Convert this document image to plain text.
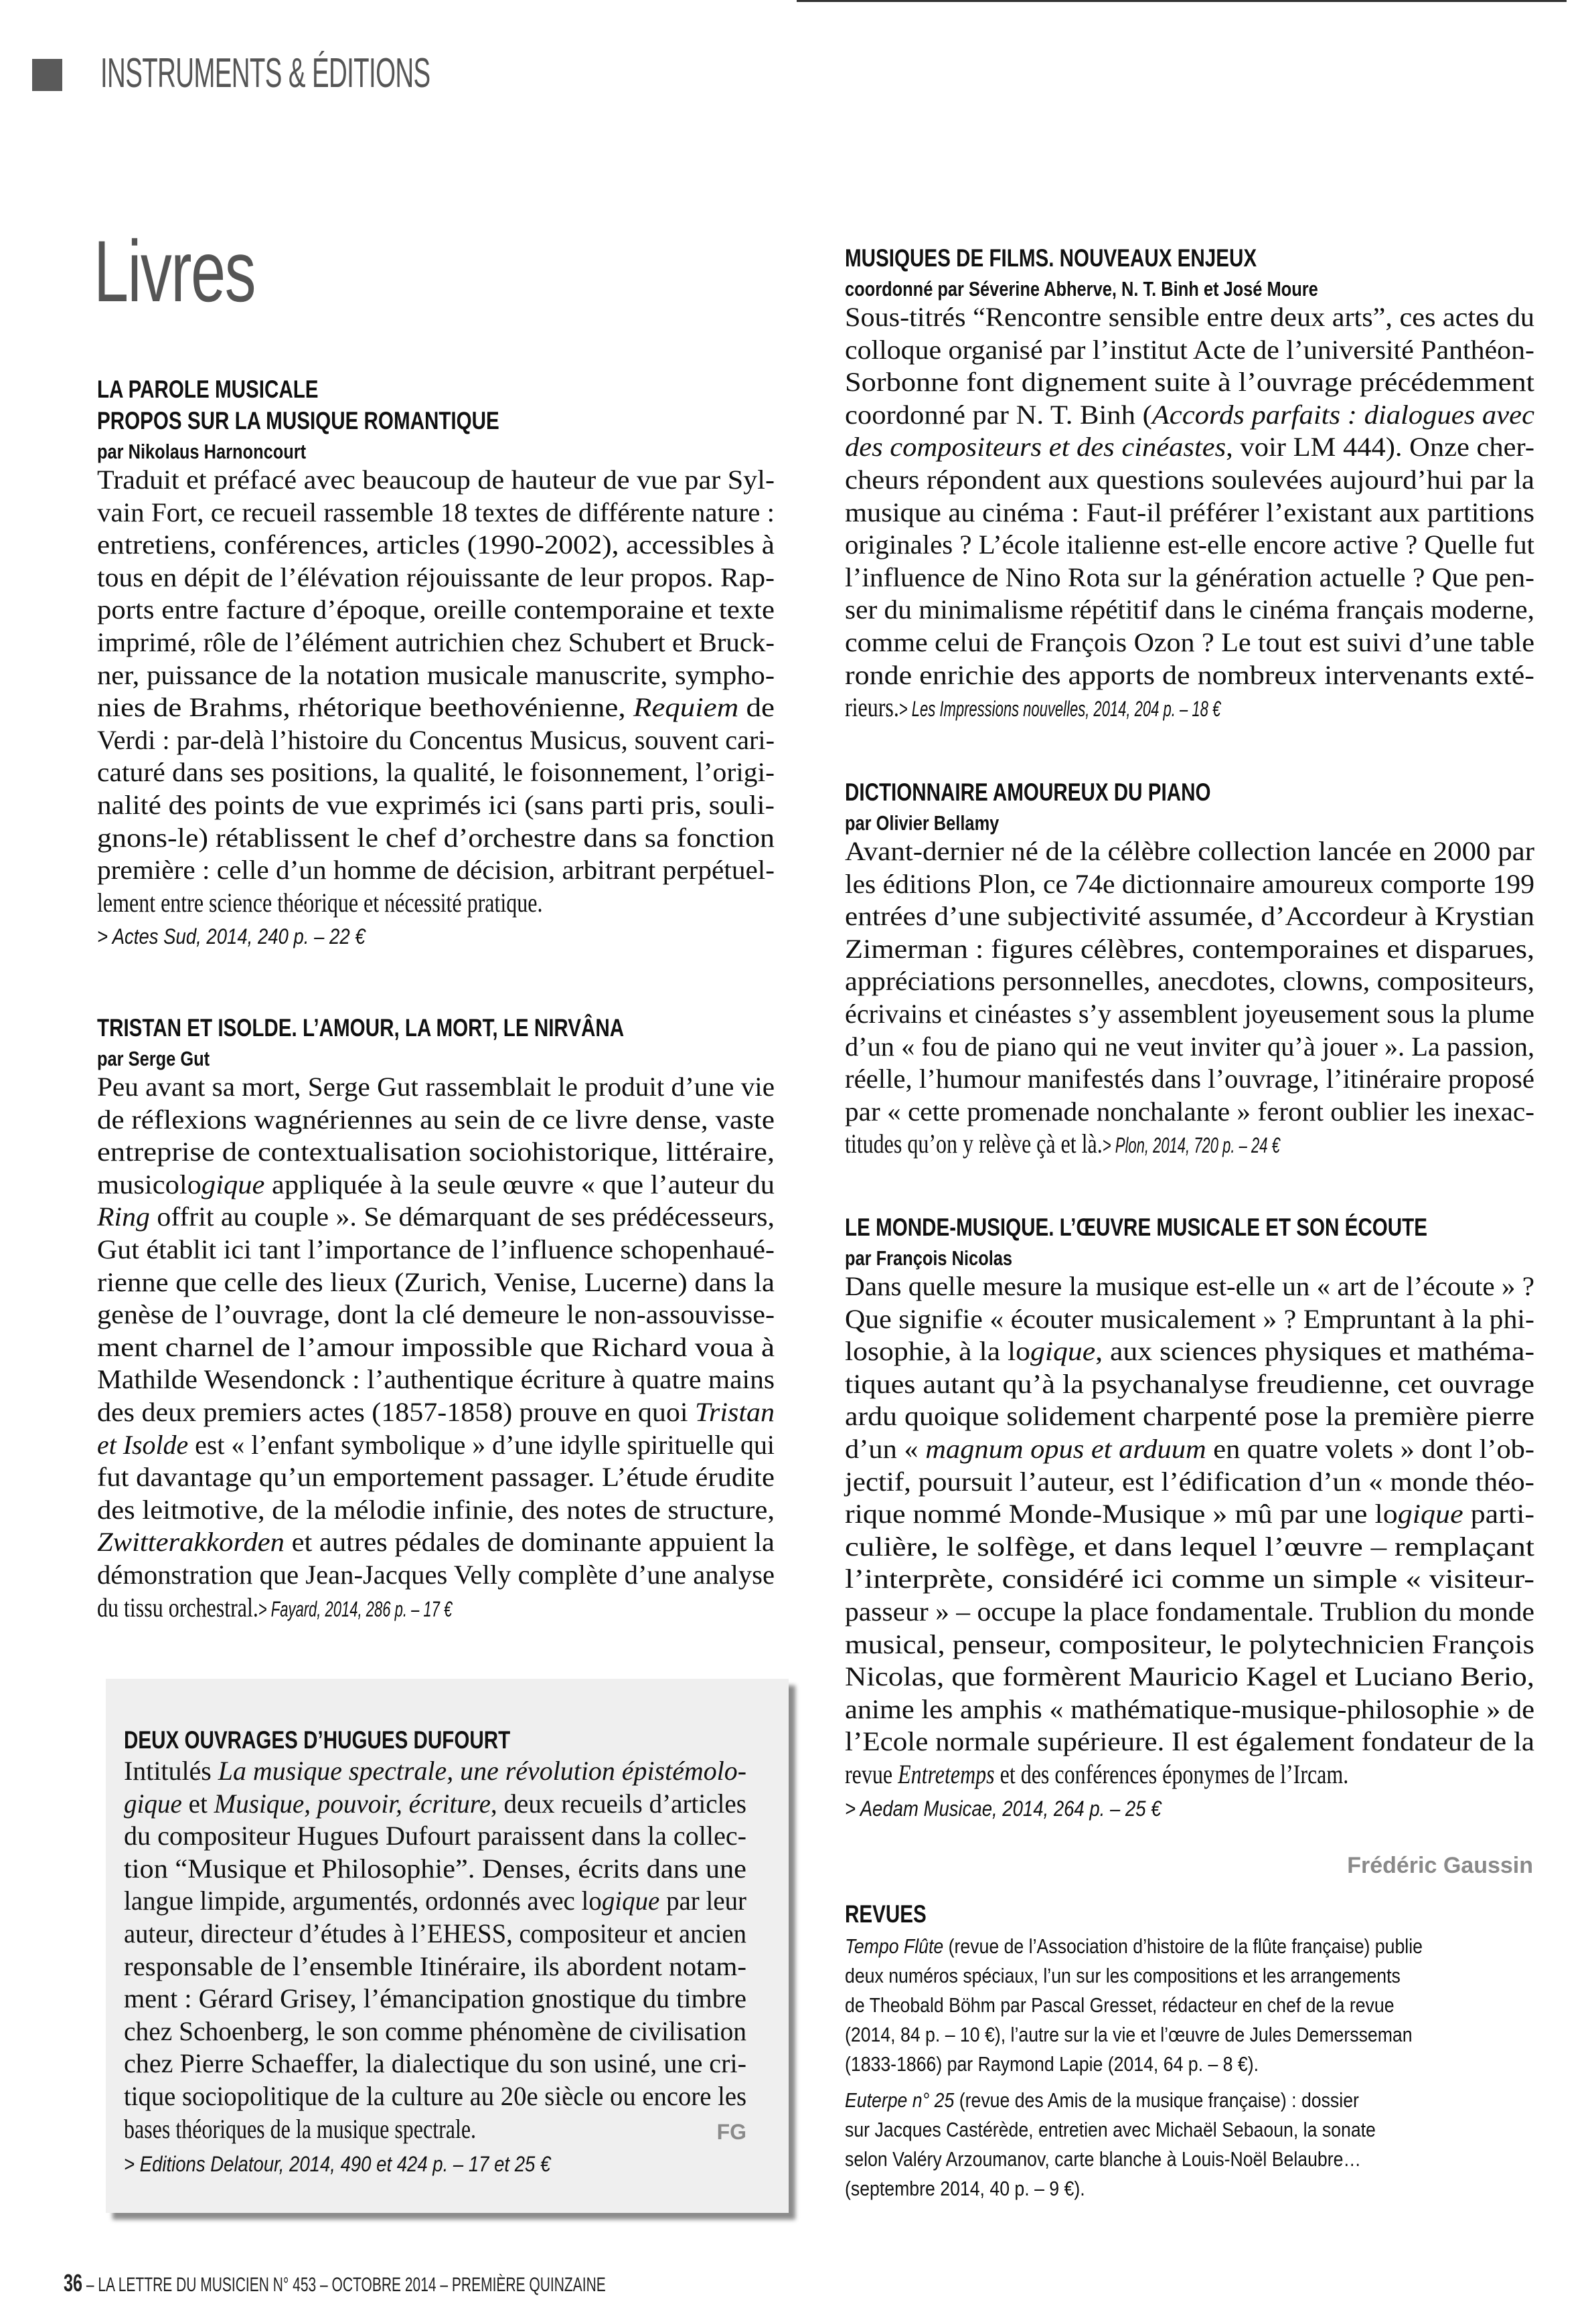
INSTRUMENTS & ÉDITIONS
Livres
LA PAROLE MUSICALE
PROPOS SUR LA MUSIQUE ROMANTIQUE
par Nikolaus Harnoncourt
Traduit et préfacé avec beaucoup de hauteur de vue par Syl-
vain Fort, ce recueil rassemble 18 textes de différente nature :
entretiens, conférences, articles (1990-2002), accessibles à
tous en dépit de l’élévation réjouissante de leur propos. Rap-
ports entre facture d’époque, oreille contemporaine et texte
imprimé, rôle de l’élément autrichien chez Schubert et Bruck-
ner, puissance de la notation musicale manuscrite, sympho-
nies de Brahms, rhétorique beethovénienne, Requiem de
Verdi : par-delà l’histoire du Concentus Musicus, souvent cari-
caturé dans ses positions, la qualité, le foisonnement, l’origi-
nalité des points de vue exprimés ici (sans parti pris, souli-
gnons-le) rétablissent le chef d’orchestre dans sa fonction
première : celle d’un homme de décision, arbitrant perpétuel-
lement entre science théorique et nécessité pratique.
> Actes Sud, 2014, 240 p. – 22 €
TRISTAN ET ISOLDE. L’AMOUR, LA MORT, LE NIRVÂNA
par Serge Gut
Peu avant sa mort, Serge Gut rassemblait le produit d’une vie
de réflexions wagnériennes au sein de ce livre dense, vaste
entreprise de contextualisation sociohistorique, littéraire,
musicologique appliquée à la seule œuvre « que l’auteur du
Ring offrit au couple ». Se démarquant de ses prédécesseurs,
Gut établit ici tant l’importance de l’influence schopenhaué-
rienne que celle des lieux (Zurich, Venise, Lucerne) dans la
genèse de l’ouvrage, dont la clé demeure le non-assouvisse-
ment charnel de l’amour impossible que Richard voua à
Mathilde Wesendonck : l’authentique écriture à quatre mains
des deux premiers actes (1857-1858) prouve en quoi Tristan
et Isolde est « l’enfant symbolique » d’une idylle spirituelle qui
fut davantage qu’un emportement passager. L’étude érudite
des leitmotive, de la mélodie infinie, des notes de structure,
Zwitterakkorden et autres pédales de dominante appuient la
démonstration que Jean-Jacques Velly complète d’une analyse
du tissu orchestral.> Fayard, 2014, 286 p. – 17 €
DEUX OUVRAGES D’HUGUES DUFOURT
Intitulés La musique spectrale, une révolution épistémolo-
gique et Musique, pouvoir, écriture, deux recueils d’articles
du compositeur Hugues Dufourt paraissent dans la collec-
tion “Musique et Philosophie”. Denses, écrits dans une
langue limpide, argumentés, ordonnés avec logique par leur
auteur, directeur d’études à l’EHESS, compositeur et ancien
responsable de l’ensemble Itinéraire, ils abordent notam-
ment : Gérard Grisey, l’émancipation gnostique du timbre
chez Schoenberg, le son comme phénomène de civilisation
chez Pierre Schaeffer, la dialectique du son usiné, une cri-
tique sociopolitique de la culture au 20e siècle ou encore les
bases théoriques de la musique spectrale.	FG
> Editions Delatour, 2014, 490 et 424 p. – 17 et 25 €
MUSIQUES DE FILMS. NOUVEAUX ENJEUX
coordonné par Séverine Abherve, N. T. Binh et José Moure
Sous-titrés “Rencontre sensible entre deux arts”, ces actes du
colloque organisé par l’institut Acte de l’université Panthéon-
Sorbonne font dignement suite à l’ouvrage précédemment
coordonné par N. T. Binh (Accords parfaits : dialogues avec
des compositeurs et des cinéastes, voir LM 444). Onze cher-
cheurs répondent aux questions soulevées aujourd’hui par la
musique au cinéma : Faut-il préférer l’existant aux partitions
originales ? L’école italienne est-elle encore active ? Quelle fut
l’influence de Nino Rota sur la génération actuelle ? Que pen-
ser du minimalisme répétitif dans le cinéma français moderne,
comme celui de François Ozon ? Le tout est suivi d’une table
ronde enrichie des apports de nombreux intervenants exté-
rieurs.> Les Impressions nouvelles, 2014, 204 p. – 18 €
DICTIONNAIRE AMOUREUX DU PIANO
par Olivier Bellamy
Avant-dernier né de la célèbre collection lancée en 2000 par
les éditions Plon, ce 74e dictionnaire amoureux comporte 199
entrées d’une subjectivité assumée, d’Accordeur à Krystian
Zimerman : figures célèbres, contemporaines et disparues,
appréciations personnelles, anecdotes, clowns, compositeurs,
écrivains et cinéastes s’y assemblent joyeusement sous la plume
d’un « fou de piano qui ne veut inviter qu’à jouer ». La passion,
réelle, l’humour manifestés dans l’ouvrage, l’itinéraire proposé
par « cette promenade nonchalante » feront oublier les inexac-
titudes qu’on y relève çà et là.> Plon, 2014, 720 p. – 24 €
LE MONDE-MUSIQUE. L’ŒUVRE MUSICALE ET SON ÉCOUTE
par François Nicolas
Dans quelle mesure la musique est-elle un « art de l’écoute » ?
Que signifie « écouter musicalement » ? Empruntant à la phi-
losophie, à la logique, aux sciences physiques et mathéma-
tiques autant qu’à la psychanalyse freudienne, cet ouvrage
ardu quoique solidement charpenté pose la première pierre
d’un « magnum opus et arduum en quatre volets » dont l’ob-
jectif, poursuit l’auteur, est l’édification d’un « monde théo-
rique nommé Monde-Musique » mû par une logique parti-
culière, le solfège, et dans lequel l’œuvre – remplaçant
l’interprète, considéré ici comme un simple « visiteur-
passeur » – occupe la place fondamentale. Trublion du monde
musical, penseur, compositeur, le polytechnicien François
Nicolas, que formèrent Mauricio Kagel et Luciano Berio,
anime les amphis « mathématique-musique-philosophie » de
l’Ecole normale supérieure. Il est également fondateur de la
revue Entretemps et des conférences éponymes de l’Ircam.
> Aedam Musicae, 2014, 264 p. – 25 €
Frédéric Gaussin
REVUES
Tempo Flûte (revue de l’Association d’histoire de la flûte française) publie
deux numéros spéciaux, l’un sur les compositions et les arrangements
de Theobald Böhm par Pascal Gresset, rédacteur en chef de la revue
(2014, 84 p. – 10 €), l’autre sur la vie et l’œuvre de Jules Demersseman
(1833-1866) par Raymond Lapie (2014, 64 p. – 8 €).
Euterpe n° 25 (revue des Amis de la musique française) : dossier
sur Jacques Castérède, entretien avec Michaël Sebaoun, la sonate
selon Valéry Arzoumanov, carte blanche à Louis-Noël Belaubre…
(septembre 2014, 40 p. – 9 €).
36 – LA LETTRE DU MUSICIEN N° 453 – OCTOBRE 2014 – PREMIÈRE QUINZAINE
